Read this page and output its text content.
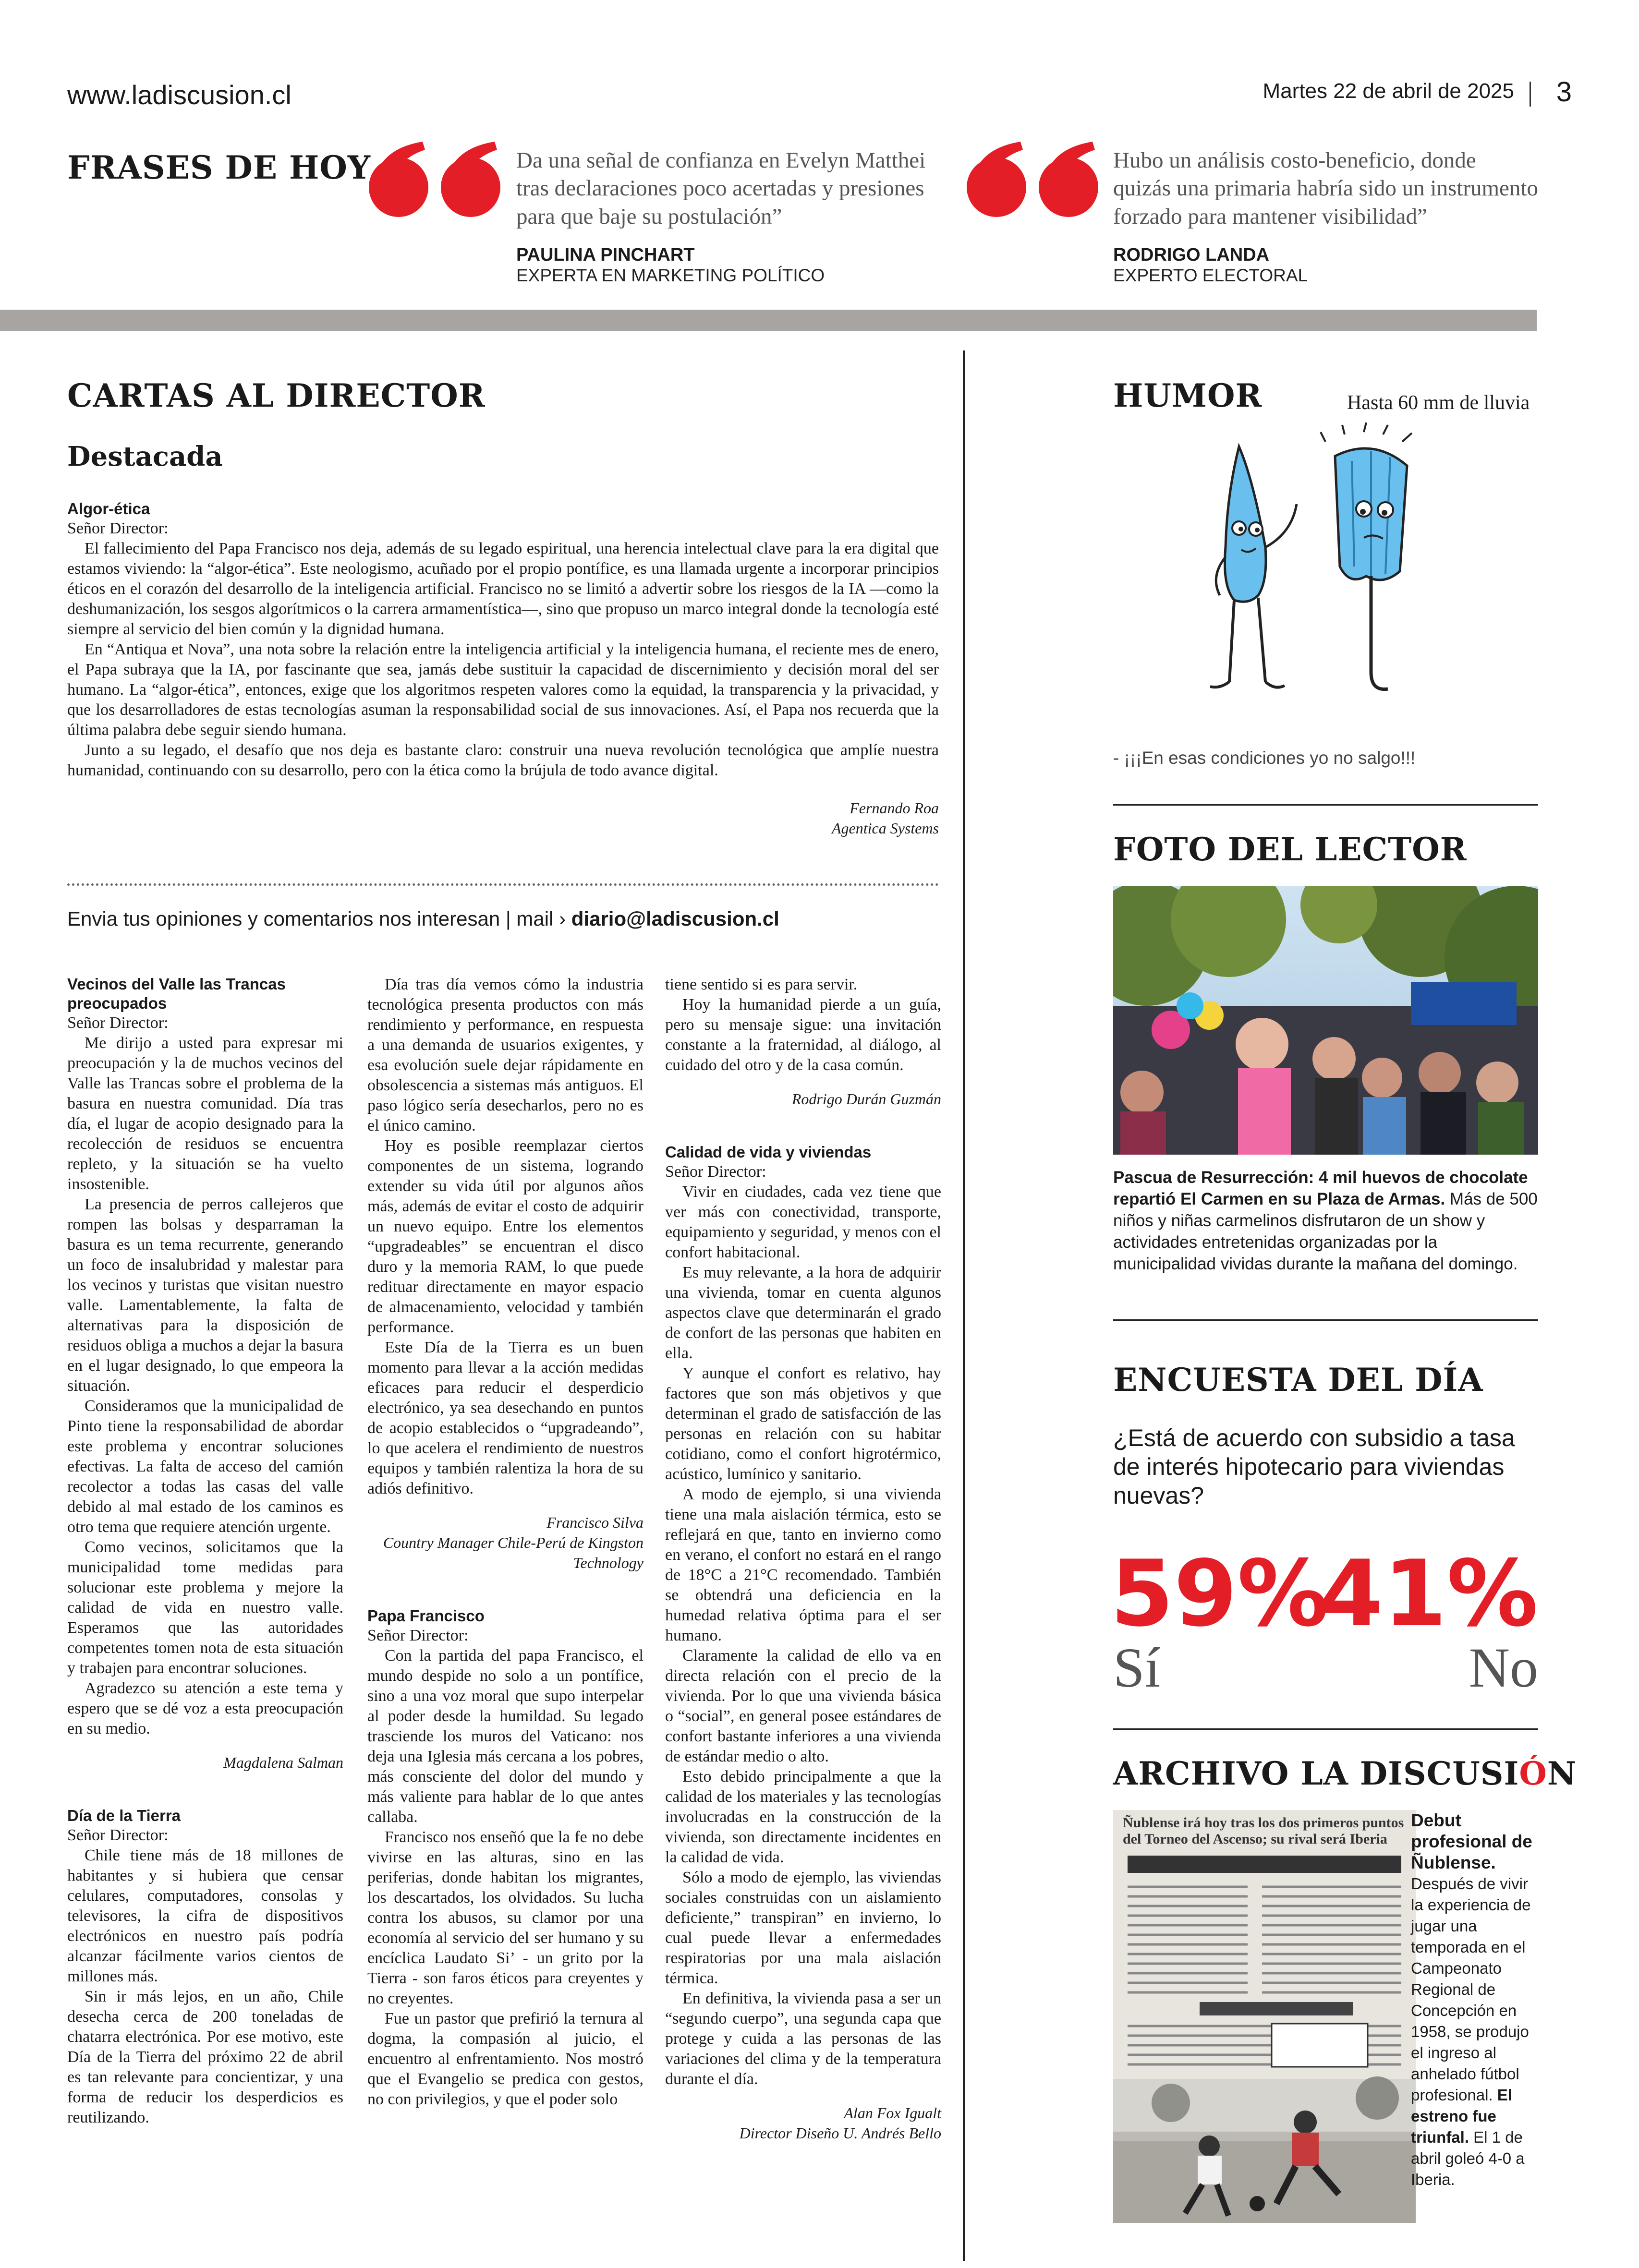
www.ladiscusion.cl	Martes 22 de abril de 2025 3
FRASES DE HOY	Da una señal de confianza en Evelyn Matthei tras declaraciones poco acertadas y presiones para que baje su postulación”
PAULINA PINCHART
EXPERTA EN MARKETING POLÍTICO
Hubo un análisis costo-beneficio, donde quizás una primaria habría sido un instrumento forzado para mantener visibilidad”
RODRIGO LANDA
EXPERTO ELECTORAL
CARTAS AL DIRECTOR
Destacada

Algor-ética

Señor Director:

El fallecimiento del Papa Francisco nos deja, además de su legado espiritual, una herencia intelectual clave para la era digital que estamos viviendo: la “algor-ética”. Este neologismo, acuñado por el propio pontífice, es una llamada urgente a incorporar principios éticos en el corazón del desarrollo de la inteligencia artificial. Francisco no se limitó a advertir sobre los riesgos de la IA —como la deshumanización, los sesgos algorítmicos o la carrera armamentística—, sino que propuso un marco integral donde la tecnología esté siempre al servicio del bien común y la dignidad humana.

En “Antiqua et Nova”, una nota sobre la relación entre la inteligencia artificial y la inteligencia humana, el reciente mes de enero, el Papa subraya que la IA, por fascinante que sea, jamás debe sustituir la capacidad de discernimiento y decisión moral del ser humano. La “algor-ética”, entonces, exige que los algoritmos respeten valores como la equidad, la transparencia y la privacidad, y que los desarrolladores de estas tecnologías asuman la responsabilidad social de sus innovaciones. Así, el Papa nos recuerda que la última palabra debe seguir siendo humana.

Junto a su legado, el desafío que nos deja es bastante claro: construir una nueva revolución tecnológica que amplíe nuestra humanidad, continuando con su desarrollo, pero con la ética como la brújula de todo avance digital.

Fernando Roa

Agentica Systems

Envia tus opiniones y comentarios nos interesan | mail › diario@ladiscusion.cl

Vecinos del Valle las Trancas preocupados

Señor Director:

Me dirijo a usted para expresar mi preocupación y la de muchos vecinos del Valle las Trancas sobre el problema de la basura en nuestra comunidad. Día tras día, el lugar de acopio designado para la recolección de residuos se encuentra repleto, y la situación se ha vuelto insostenible.

La presencia de perros callejeros que rompen las bolsas y desparraman la basura es un tema recurrente, generando un foco de insalubridad y malestar para los vecinos y turistas que visitan nuestro valle. Lamentablemente, la falta de alternativas para la disposición de residuos obliga a muchos a dejar la basura en el lugar designado, lo que empeora la situación.

Consideramos que la municipalidad de Pinto tiene la responsabilidad de abordar este problema y encontrar soluciones efectivas. La falta de acceso del camión recolector a todas las casas del valle debido al mal estado de los caminos es otro tema que requiere atención urgente.

Como vecinos, solicitamos que la municipalidad tome medidas para solucionar este problema y mejore la calidad de vida en nuestro valle. Esperamos que las autoridades competentes tomen nota de esta situación y trabajen para encontrar soluciones.

Agradezco su atención a este tema y espero que se dé voz a esta preocupación en su medio.

Magdalena Salman

Día de la Tierra

Señor Director:

Chile tiene más de 18 millones de habitantes y si hubiera que censar celulares, computadores, consolas y televisores, la cifra de dispositivos electrónicos en nuestro país podría alcanzar fácilmente varios cientos de millones más.

Sin ir más lejos, en un año, Chile desecha cerca de 200 toneladas de chatarra electrónica. Por ese motivo, este Día de la Tierra del próximo 22 de abril es tan relevante para concientizar, y una forma de reducir los desperdicios es reutilizando.

Día tras día vemos cómo la industria tecnológica presenta productos con más rendimiento y performance, en respuesta a una demanda de usuarios exigentes, y esa evolución suele dejar rápidamente en obsolescencia a sistemas más antiguos. El paso lógico sería desecharlos, pero no es el único camino.

Hoy es posible reemplazar ciertos componentes de un sistema, logrando extender su vida útil por algunos años más, además de evitar el costo de adquirir un nuevo equipo. Entre los elementos “upgradeables” se encuentran el disco duro y la memoria RAM, lo que puede redituar directamente en mayor espacio de almacenamiento, velocidad y también performance.

Este Día de la Tierra es un buen momento para llevar a la acción medidas eficaces para reducir el desperdicio electrónico, ya sea desechando en puntos de acopio establecidos o “upgradeando”, lo que acelera el rendimiento de nuestros equipos y también ralentiza la hora de su adiós definitivo.

Francisco Silva

Country Manager Chile-Perú de Kingston Technology

Papa Francisco

Señor Director:

Con la partida del papa Francisco, el mundo despide no solo a un pontífice, sino a una voz moral que supo interpelar al poder desde la humildad. Su legado trasciende los muros del Vaticano: nos deja una Iglesia más cercana a los pobres, más consciente del dolor del mundo y más valiente para hablar de lo que antes callaba.

Francisco nos enseñó que la fe no debe vivirse en las alturas, sino en las periferias, donde habitan los migrantes, los descartados, los olvidados. Su lucha contra los abusos, su clamor por una economía al servicio del ser humano y su encíclica Laudato Si’ - un grito por la Tierra - son faros éticos para creyentes y no creyentes.

Fue un pastor que prefirió la ternura al dogma, la compasión al juicio, el encuentro al enfrentamiento. Nos mostró que el Evangelio se predica con gestos, no con privilegios, y que el poder solo

tiene sentido si es para servir.

Hoy la humanidad pierde a un guía, pero su mensaje sigue: una invitación constante a la fraternidad, al diálogo, al cuidado del otro y de la casa común.

Rodrigo Durán Guzmán

Calidad de vida y viviendas

Señor Director:

Vivir en ciudades, cada vez tiene que ver más con conectividad, transporte, equipamiento y seguridad, y menos con el confort habitacional.

Es muy relevante, a la hora de adquirir una vivienda, tomar en cuenta algunos aspectos clave que determinarán el grado de confort de las personas que habiten en ella.

Y aunque el confort es relativo, hay factores que son más objetivos y que determinan el grado de satisfacción de las personas en relación con su habitar cotidiano, como el confort higrotérmico, acústico, lumínico y sanitario.

A modo de ejemplo, si una vivienda tiene una mala aislación térmica, esto se reflejará en que, tanto en invierno como en verano, el confort no estará en el rango de 18°C a 21°C recomendado. También se obtendrá una deficiencia en la humedad relativa óptima para el ser humano.

Claramente la calidad de ello va en directa relación con el precio de la vivienda. Por lo que una vivienda básica o “social”, en general posee estándares de confort bastante inferiores a una vivienda de estándar medio o alto.

Esto debido principalmente a que la calidad de los materiales y las tecnologías involucradas en la construcción de la vivienda, son directamente incidentes en la calidad de vida.

Sólo a modo de ejemplo, las viviendas sociales construidas con un aislamiento deficiente,” transpiran” en invierno, lo cual puede llevar a enfermedades respiratorias por una mala aislación térmica.

En definitiva, la vivienda pasa a ser un “segundo cuerpo”, una segunda capa que protege y cuida a las personas de las variaciones del clima y de la temperatura durante el día.

Alan Fox Igualt

Director Diseño U. Andrés Bello

HUMOR	Hasta 60 mm de lluvia
- ¡¡¡En esas condiciones yo no salgo!!!
FOTO DEL LECTOR
Pascua de Resurrección: 4 mil huevos de chocolate repartió El Carmen en su Plaza de Armas. Más de 500 niños y niñas carmelinos disfrutaron de un show y actividades entretenidas organizadas por la municipalidad vividas durante la mañana del domingo.
ENCUESTA DEL DÍA
¿Está de acuerdo con subsidio a tasa de interés hipotecario para viviendas nuevas?
59%
Sí
41%
No
ARCHIVO LA DISCUSIÓN
Ñublense irá hoy tras los dos primeros puntos del Torneo del Ascenso; su rival será Iberia
Debut profesional de Ñublense.
Después de vivir la experiencia de jugar una temporada en el Campeonato Regional de Concepción en 1958, se produjo el ingreso al anhelado fútbol profesional. El estreno fue triunfal. El 1 de abril goleó 4-0 a Iberia.
